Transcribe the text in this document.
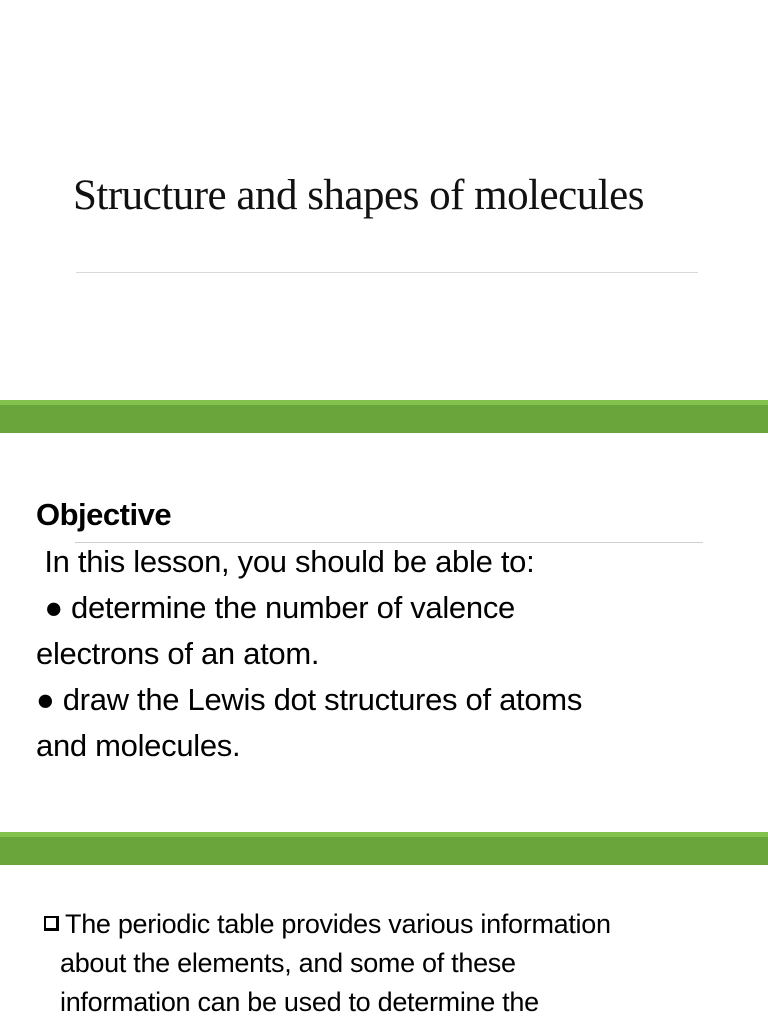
Structure and shapes of molecules
Objective
In this lesson, you should be able to:
● determine the number of valence
electrons of an atom.
● draw the Lewis dot structures of atoms
and molecules.
The periodic table provides various information
about the elements, and some of these
information can be used to determine the
